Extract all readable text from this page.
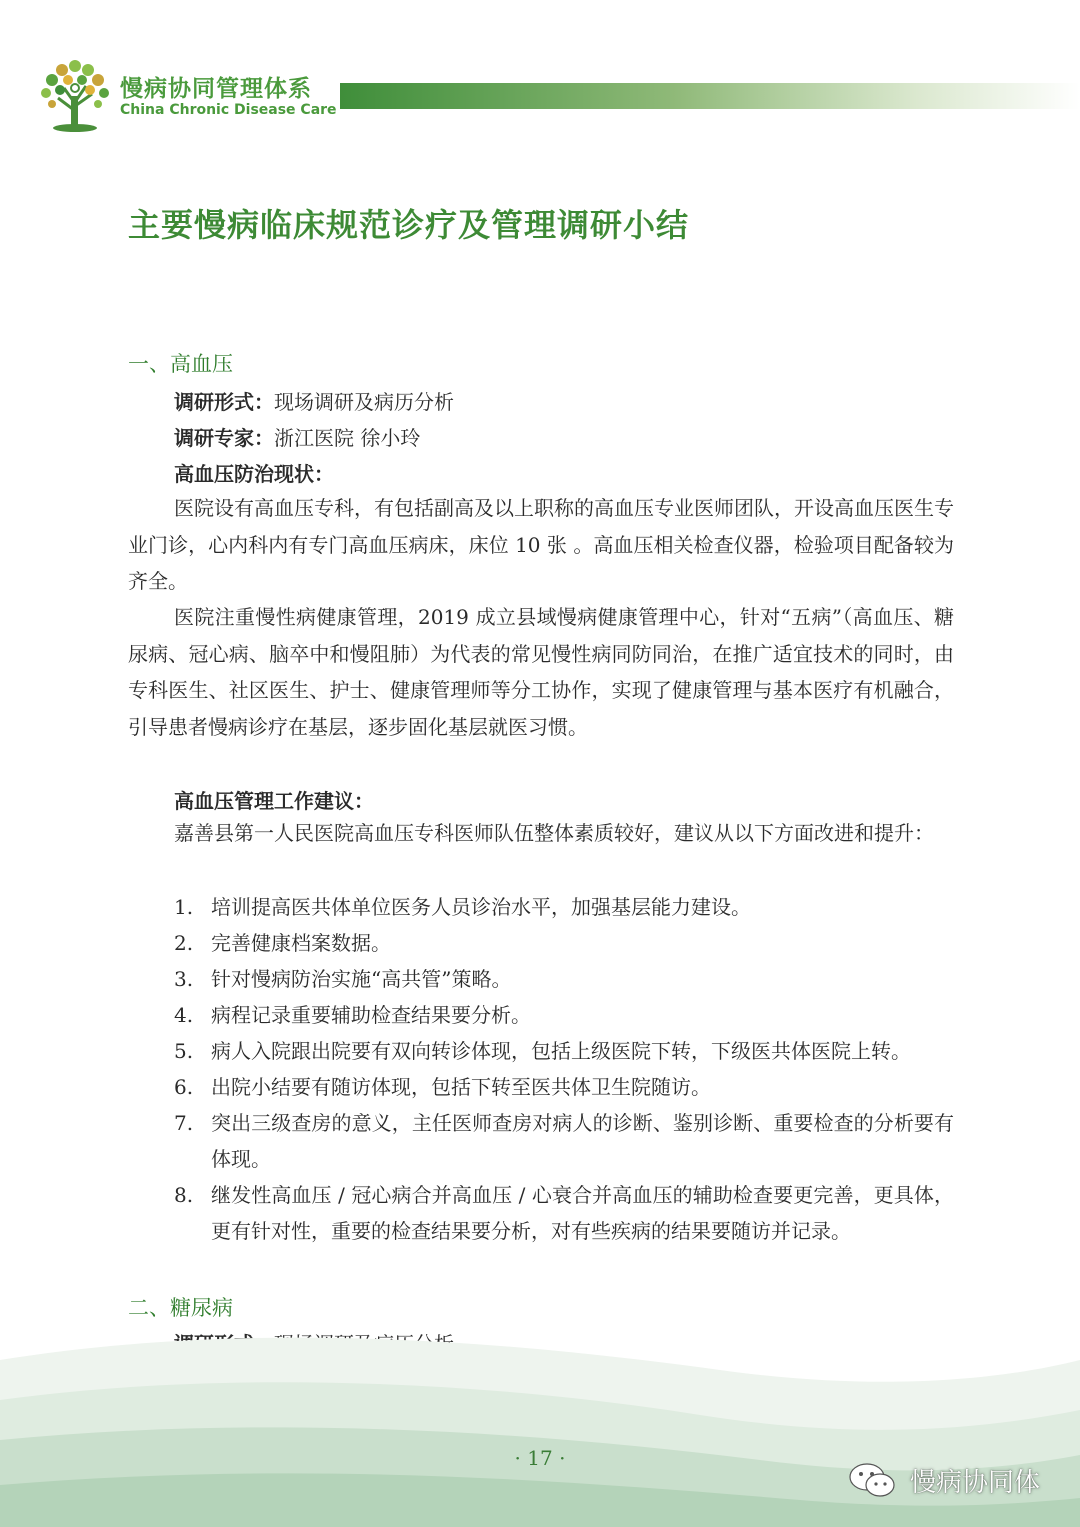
慢病协同管理体系
China Chronic Disease Care
主要慢病临床规范诊疗及管理调研小结
一、高血压
调研形式：现场调研及病历分析
调研专家：浙江医院 徐小玲
高血压防治现状：

医院设有高血压专科，有包括副高及以上职称的高血压专业医师团队，开设高血压医生专业门诊，心内科内有专门高血压病床，床位 10 张 。高血压相关检查仪器，检验项目配备较为齐全。

医院注重慢性病健康管理，2019 成立县域慢病健康管理中心，针对“五病”（高血压、糖尿病、冠心病、脑卒中和慢阻肺）为代表的常见慢性病同防同治，在推广适宜技术的同时，由专科医生、社区医生、护士、健康管理师等分工协作，实现了健康管理与基本医疗有机融合，引导患者慢病诊疗在基层，逐步固化基层就医习惯。

高血压管理工作建议：

嘉善县第一人民医院高血压专科医师队伍整体素质较好，建议从以下方面改进和提升：

1. 培训提高医共体单位医务人员诊治水平，加强基层能力建设。
2. 完善健康档案数据。
3. 针对慢病防治实施“高共管”策略。
4. 病程记录重要辅助检查结果要分析。
5. 病人入院跟出院要有双向转诊体现，包括上级医院下转，下级医共体医院上转。
6. 出院小结要有随访体现，包括下转至医共体卫生院随访。
7. 突出三级查房的意义，主任医师查房对病人的诊断、鉴别诊断、重要检查的分析要有体现。
8. 继发性高血压 / 冠心病合并高血压 / 心衰合并高血压的辅助检查要更完善，更具体，更有针对性，重要的检查结果要分析，对有些疾病的结果要随访并记录。
二、糖尿病
· 17 ·
慢病协同体
